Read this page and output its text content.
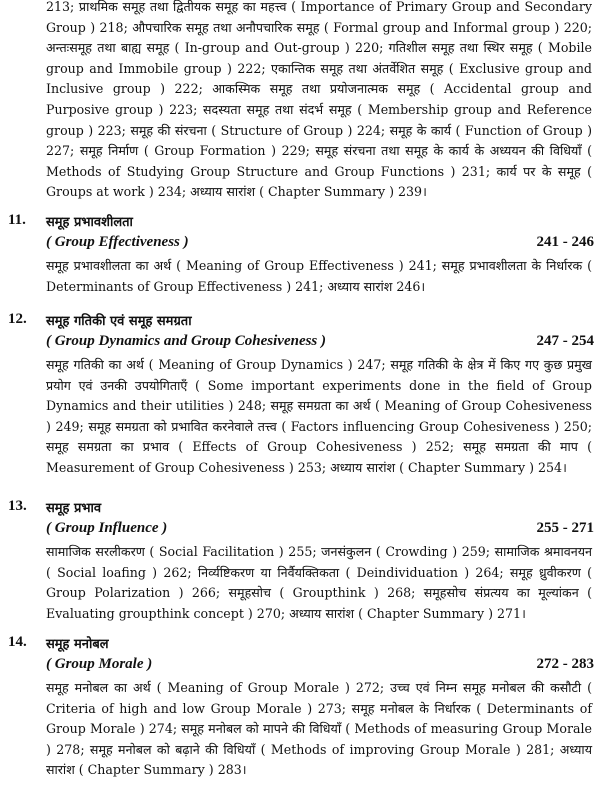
213; प्राथमिक समूह तथा द्वितीयक समूह का महत्त्व ( Importance of Primary Group and Secondary Group ) 218; औपचारिक समूह तथा अनौपचारिक समूह ( Formal group and Informal group ) 220; अन्तःसमूह तथा बाह्य समूह ( In-group and Out-group ) 220; गतिशील समूह तथा स्थिर समूह ( Mobile group and Immobile group ) 222; एकान्तिक समूह तथा अंतर्वेशित समूह ( Exclusive group and Inclusive group ) 222; आकस्मिक समूह तथा प्रयोजनात्मक समूह ( Accidental group and Purposive group ) 223; सदस्यता समूह तथा संदर्भ समूह ( Membership group and Reference group ) 223; समूह की संरचना ( Structure of Group ) 224; समूह के कार्य ( Function of Group ) 227; समूह निर्माण ( Group Formation ) 229; समूह संरचना तथा समूह के कार्य के अध्ययन की विधियाँ ( Methods of Studying Group Structure and Group Functions ) 231; कार्य पर के समूह ( Groups at work ) 234; अध्याय सारांश ( Chapter Summary ) 239।

11. समूह प्रभावशीलता
( Group Effectiveness )	241 - 246

समूह प्रभावशीलता का अर्थ ( Meaning of Group Effectiveness ) 241; समूह प्रभावशीलता के निर्धारक ( Determinants of Group Effectiveness ) 241; अध्याय सारांश 246।

12. समूह गतिकी एवं समूह समग्रता
( Group Dynamics and Group Cohesiveness )	247 - 254

समूह गतिकी का अर्थ ( Meaning of Group Dynamics ) 247; समूह गतिकी के क्षेत्र में किए गए कुछ प्रमुख प्रयोग एवं उनकी उपयोगिताएँ ( Some important experiments done in the field of Group Dynamics and their utilities ) 248; समूह समग्रता का अर्थ ( Meaning of Group Cohesiveness ) 249; समूह समग्रता को प्रभावित करनेवाले तत्त्व ( Factors influencing Group Cohesiveness ) 250; समूह समग्रता का प्रभाव ( Effects of Group Cohesiveness ) 252; समूह समग्रता की माप ( Measurement of Group Cohesiveness ) 253; अध्याय सारांश ( Chapter Summary ) 254।

13. समूह प्रभाव
( Group Influence )	255 - 271

सामाजिक सरलीकरण ( Social Facilitation ) 255; जनसंकुलन ( Crowding ) 259; सामाजिक श्रमावनयन ( Social loafing ) 262; निर्व्यष्टिकरण या निर्वैयक्तिकता ( Deindividuation ) 264; समूह ध्रुवीकरण ( Group Polarization ) 266; समूहसोच ( Groupthink ) 268; समूहसोच संप्रत्यय का मूल्यांकन ( Evaluating groupthink concept ) 270; अध्याय सारांश ( Chapter Summary ) 271।

14. समूह मनोबल
( Group Morale )	272 - 283

समूह मनोबल का अर्थ ( Meaning of Group Morale ) 272; उच्च एवं निम्न समूह मनोबल की कसौटी ( Criteria of high and low Group Morale ) 273; समूह मनोबल के निर्धारक ( Determinants of Group Morale ) 274; समूह मनोबल को मापने की विधियाँ ( Methods of measuring Group Morale ) 278; समूह मनोबल को बढ़ाने की विधियाँ ( Methods of improving Group Morale ) 281; अध्याय सारांश ( Chapter Summary ) 283।
